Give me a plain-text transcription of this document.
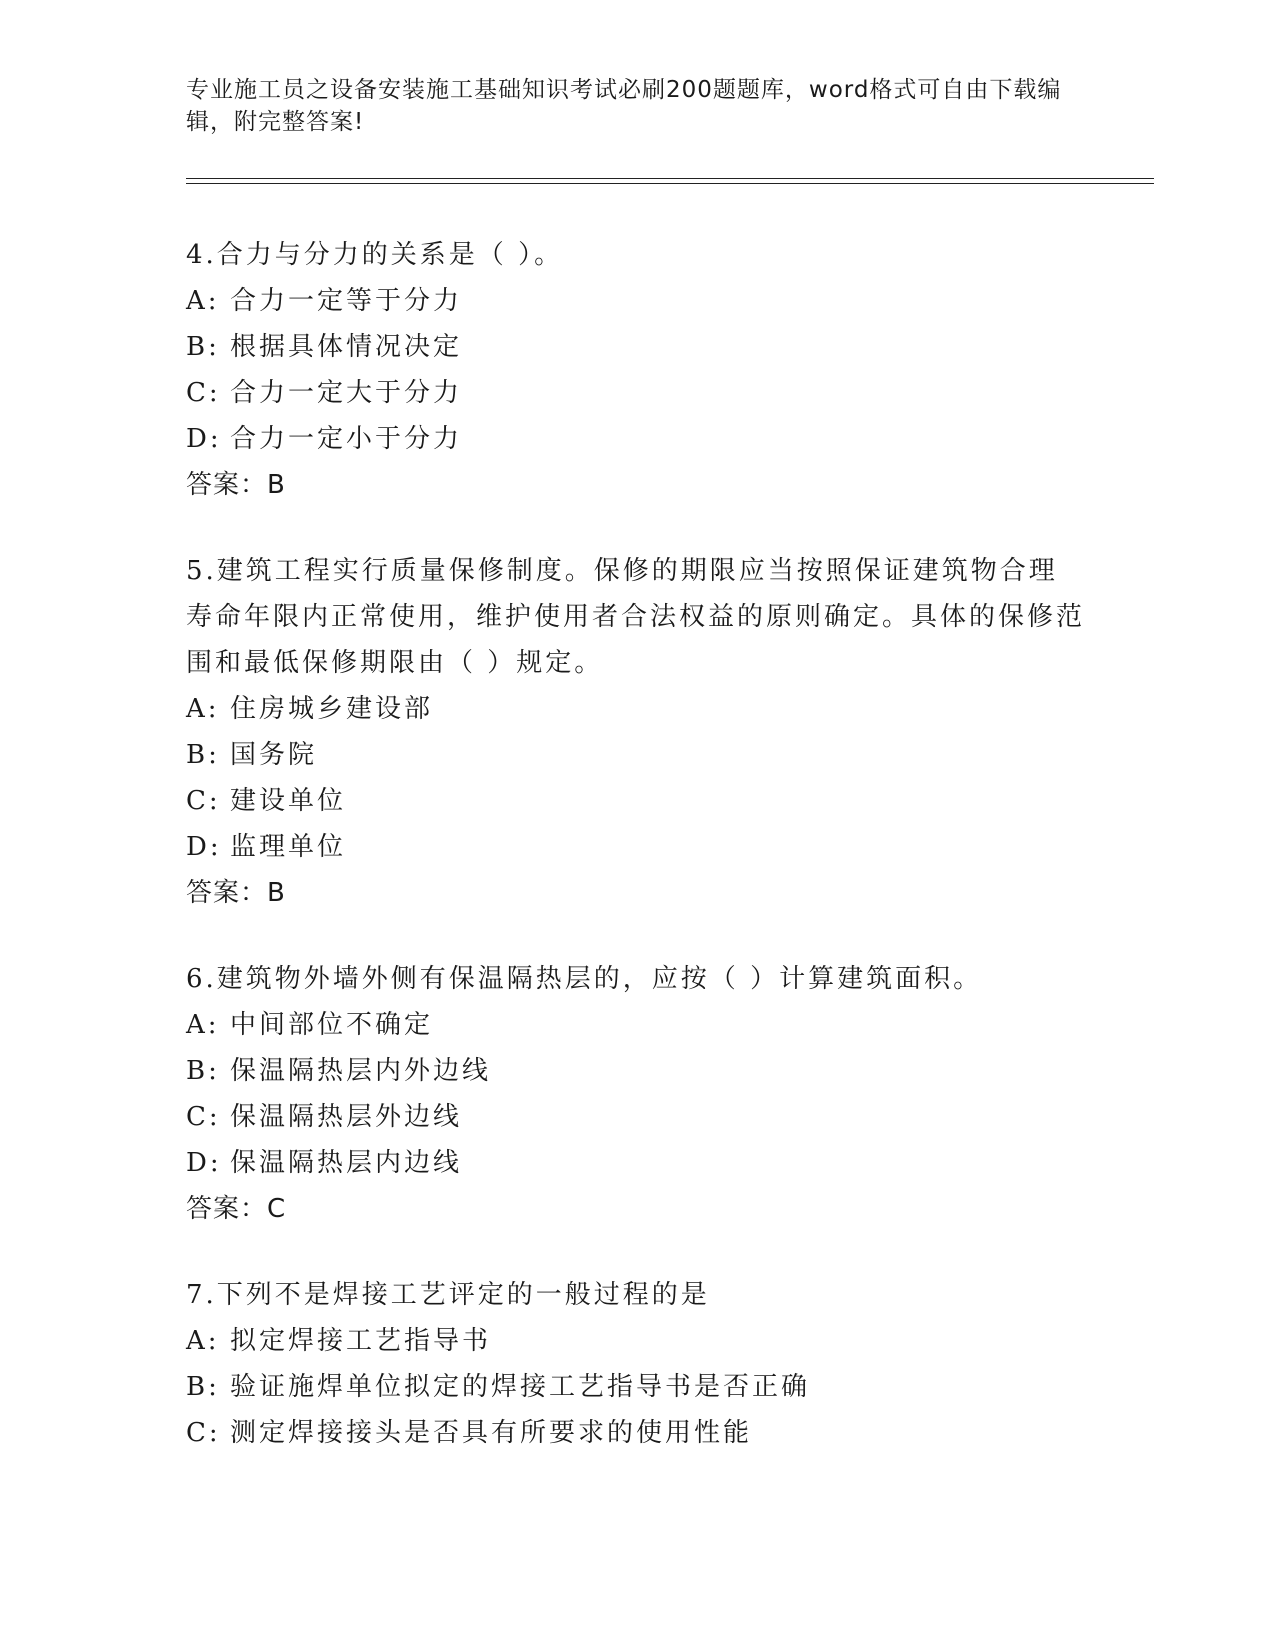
专业施工员之设备安装施工基础知识考试必刷200题题库，word格式可自由下载编辑，附完整答案!
4.合力与分力的关系是（ ）。
A: 合力一定等于分力
B: 根据具体情况决定
C: 合力一定大于分力
D: 合力一定小于分力
答案：B
5.建筑工程实行质量保修制度。保修的期限应当按照保证建筑物合理寿命年限内正常使用，维护使用者合法权益的原则确定。具体的保修范围和最低保修期限由（ ）规定。
A: 住房城乡建设部
B: 国务院
C: 建设单位
D: 监理单位
答案：B
6.建筑物外墙外侧有保温隔热层的，应按（ ）计算建筑面积。
A: 中间部位不确定
B: 保温隔热层内外边线
C: 保温隔热层外边线
D: 保温隔热层内边线
答案：C
7.下列不是焊接工艺评定的一般过程的是
A: 拟定焊接工艺指导书
B: 验证施焊单位拟定的焊接工艺指导书是否正确
C: 测定焊接接头是否具有所要求的使用性能
